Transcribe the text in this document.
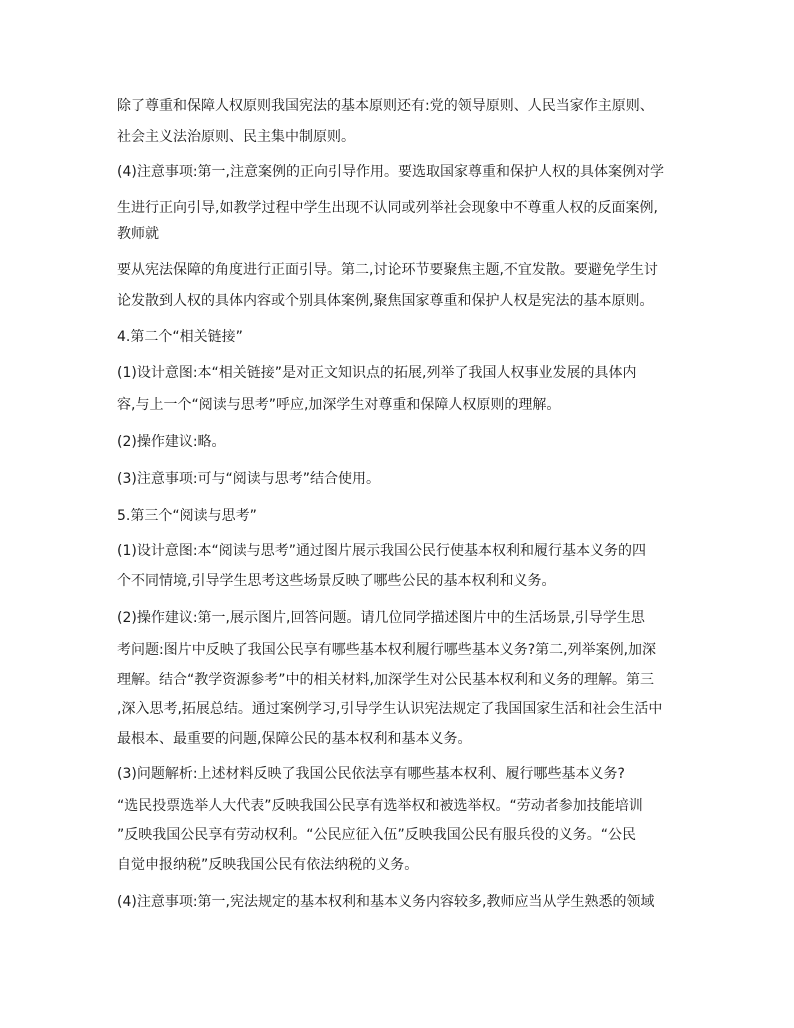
除了尊重和保障人权原则我国宪法的基本原则还有:党的领导原则、人民当家作主原则、
社会主义法治原则、民主集中制原则。
(4)注意事项:第一,注意案例的正向引导作用。要选取国家尊重和保护人权的具体案例对学
生进行正向引导,如教学过程中学生出现不认同或列举社会现象中不尊重人权的反面案例,
教师就
要从宪法保障的角度进行正面引导。第二,讨论环节要聚焦主题,不宜发散。要避免学生讨
论发散到人权的具体内容或个别具体案例,聚焦国家尊重和保护人权是宪法的基本原则。
4.第二个“相关链接”
(1)设计意图:本“相关链接”是对正文知识点的拓展,列举了我国人权事业发展的具体内
容,与上一个“阅读与思考”呼应,加深学生对尊重和保障人权原则的理解。
(2)操作建议:略。
(3)注意事项:可与“阅读与思考”结合使用。
5.第三个“阅读与思考”
(1)设计意图:本“阅读与思考”通过图片展示我国公民行使基本权利和履行基本义务的四
个不同情境,引导学生思考这些场景反映了哪些公民的基本权利和义务。
(2)操作建议:第一,展示图片,回答问题。请几位同学描述图片中的生活场景,引导学生思
考问题:图片中反映了我国公民享有哪些基本权利履行哪些基本义务?第二,列举案例,加深
理解。结合“教学资源参考”中的相关材料,加深学生对公民基本权利和义务的理解。第三
,深入思考,拓展总结。通过案例学习,引导学生认识宪法规定了我国国家生活和社会生活中
最根本、最重要的问题,保障公民的基本权利和基本义务。
(3)问题解析:上述材料反映了我国公民依法享有哪些基本权利、履行哪些基本义务?
“选民投票选举人大代表”反映我国公民享有选举权和被选举权。“劳动者参加技能培训
”反映我国公民享有劳动权利。“公民应征入伍”反映我国公民有服兵役的义务。“公民
自觉申报纳税”反映我国公民有依法纳税的义务。
(4)注意事项:第一,宪法规定的基本权利和基本义务内容较多,教师应当从学生熟悉的领域
